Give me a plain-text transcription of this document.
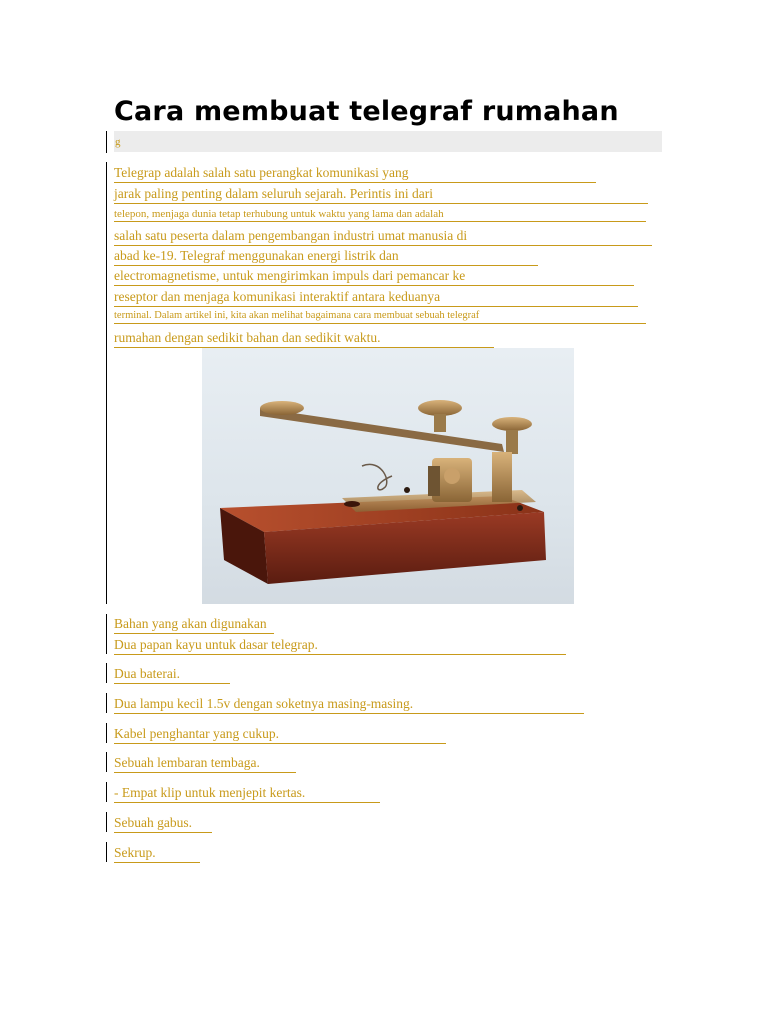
Cara membuat telegraf rumahan
g
Telegrap adalah salah satu perangkat komunikasi yang
jarak paling penting dalam seluruh sejarah. Perintis ini dari
telepon, menjaga dunia tetap terhubung untuk waktu yang lama dan adalah
salah satu peserta dalam pengembangan industri umat manusia di
abad ke-19. Telegraf menggunakan energi listrik dan
electromagnetisme, untuk mengirimkan impuls dari pemancar ke
reseptor dan menjaga komunikasi interaktif antara keduanya
terminal. Dalam artikel ini, kita akan melihat bagaimana cara membuat sebuah telegraf
rumahan dengan sedikit bahan dan sedikit waktu.
Bahan yang akan digunakan
Dua papan kayu untuk dasar telegrap.
Dua baterai.
Dua lampu kecil 1.5v dengan soketnya masing-masing.
Kabel penghantar yang cukup.
Sebuah lembaran tembaga.
- Empat klip untuk menjepit kertas.
Sebuah gabus.
Sekrup.
